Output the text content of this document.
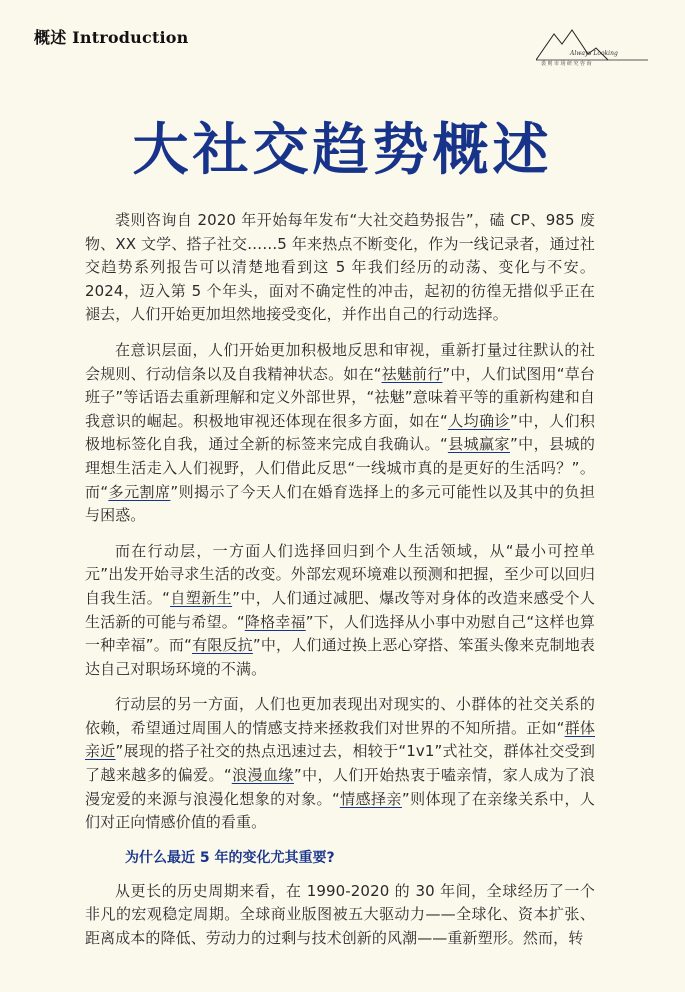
概述 Introduction
Always Looking
裘则市场研究咨询
大社交趋势概述

裘则咨询自 2020 年开始每年发布“大社交趋势报告”，磕 CP、985 废物、XX 文学、搭子社交……5 年来热点不断变化，作为一线记录者，通过社交趋势系列报告可以清楚地看到这 5 年我们经历的动荡、变化与不安。2024，迈入第 5 个年头，面对不确定性的冲击，起初的彷徨无措似乎正在褪去，人们开始更加坦然地接受变化，并作出自己的行动选择。

在意识层面，人们开始更加积极地反思和审视，重新打量过往默认的社会规则、行动信条以及自我精神状态。如在“祛魅前行”中，人们试图用“草台班子”等话语去重新理解和定义外部世界，“祛魅”意味着平等的重新构建和自我意识的崛起。积极地审视还体现在很多方面，如在“人均确诊”中，人们积极地标签化自我，通过全新的标签来完成自我确认。“县城赢家”中，县城的理想生活走入人们视野，人们借此反思“一线城市真的是更好的生活吗？”。而“多元割席”则揭示了今天人们在婚育选择上的多元可能性以及其中的负担与困惑。

而在行动层，一方面人们选择回归到个人生活领域，从“最小可控单元”出发开始寻求生活的改变。外部宏观环境难以预测和把握，至少可以回归自我生活。“自塑新生”中，人们通过减肥、爆改等对身体的改造来感受个人生活新的可能与希望。“降格幸福”下，人们选择从小事中劝慰自己“这样也算一种幸福”。而“有限反抗”中，人们通过换上恶心穿搭、笨蛋头像来克制地表达自己对职场环境的不满。

行动层的另一方面，人们也更加表现出对现实的、小群体的社交关系的依赖，希望通过周围人的情感支持来拯救我们对世界的不知所措。正如“群体亲近”展现的搭子社交的热点迅速过去，相较于“1v1”式社交，群体社交受到了越来越多的偏爱。“浪漫血缘”中，人们开始热衷于嗑亲情，家人成为了浪漫宠爱的来源与浪漫化想象的对象。“情感择亲”则体现了在亲缘关系中，人们对正向情感价值的看重。

为什么最近 5 年的变化尤其重要?

从更长的历史周期来看，在 1990-2020 的 30 年间，全球经历了一个非凡的宏观稳定周期。全球商业版图被五大驱动力——全球化、资本扩张、距离成本的降低、劳动力的过剩与技术创新的风潮——重新塑形。然而，转
